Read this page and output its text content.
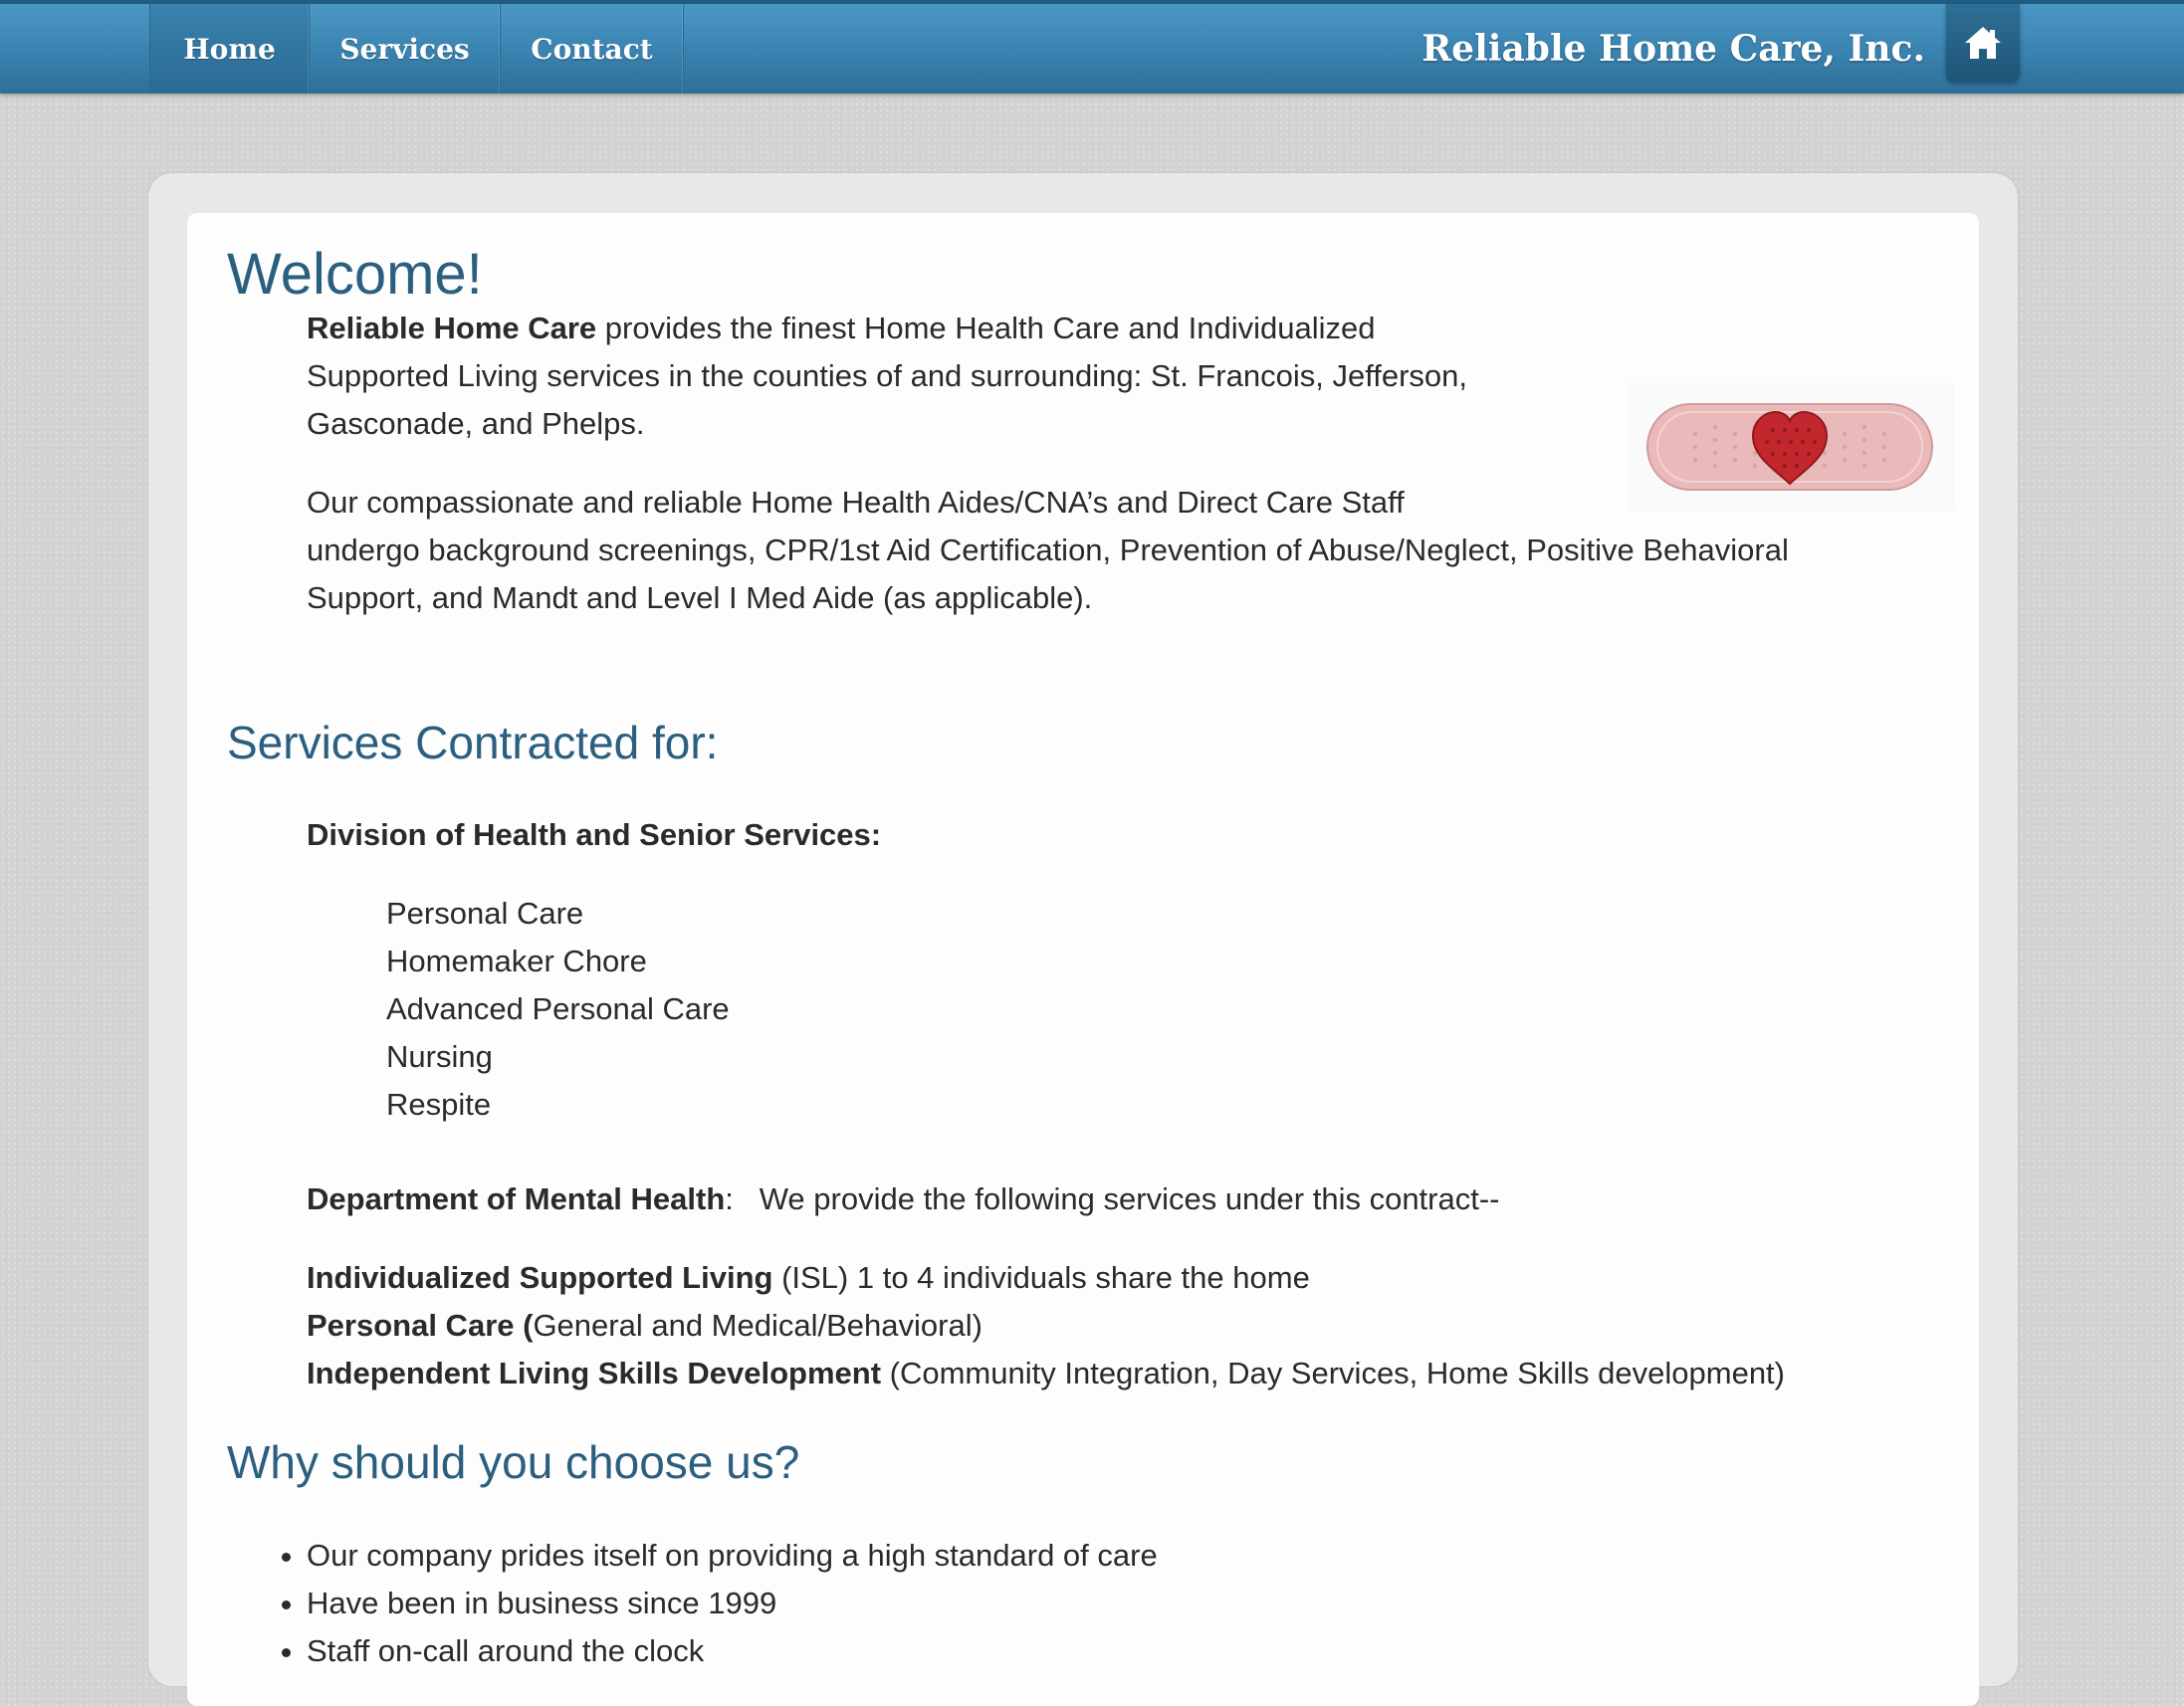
Home	Services	Contact	Reliable Home Care, Inc.
Welcome!
Reliable Home Care provides the finest Home Health Care and Individualized
Supported Living services in the counties of and surrounding: St. Francois, Jefferson,
Gasconade, and Phelps.
Our compassionate and reliable Home Health Aides/CNA’s and Direct Care Staff
undergo background screenings, CPR/1st Aid Certification, Prevention of Abuse/Neglect, Positive Behavioral
Support, and Mandt and Level I Med Aide (as applicable).
Services Contracted for:
Division of Health and Senior Services:
Personal Care
Homemaker Chore
Advanced Personal Care
Nursing
Respite
Department of Mental Health:   We provide the following services under this contract--
Individualized Supported Living (ISL) 1 to 4 individuals share the home
Personal Care (General and Medical/Behavioral)
Independent Living Skills Development (Community Integration, Day Services, Home Skills development)
Why should you choose us?
• Our company prides itself on providing a high standard of care
• Have been in business since 1999
• Staff on-call around the clock
